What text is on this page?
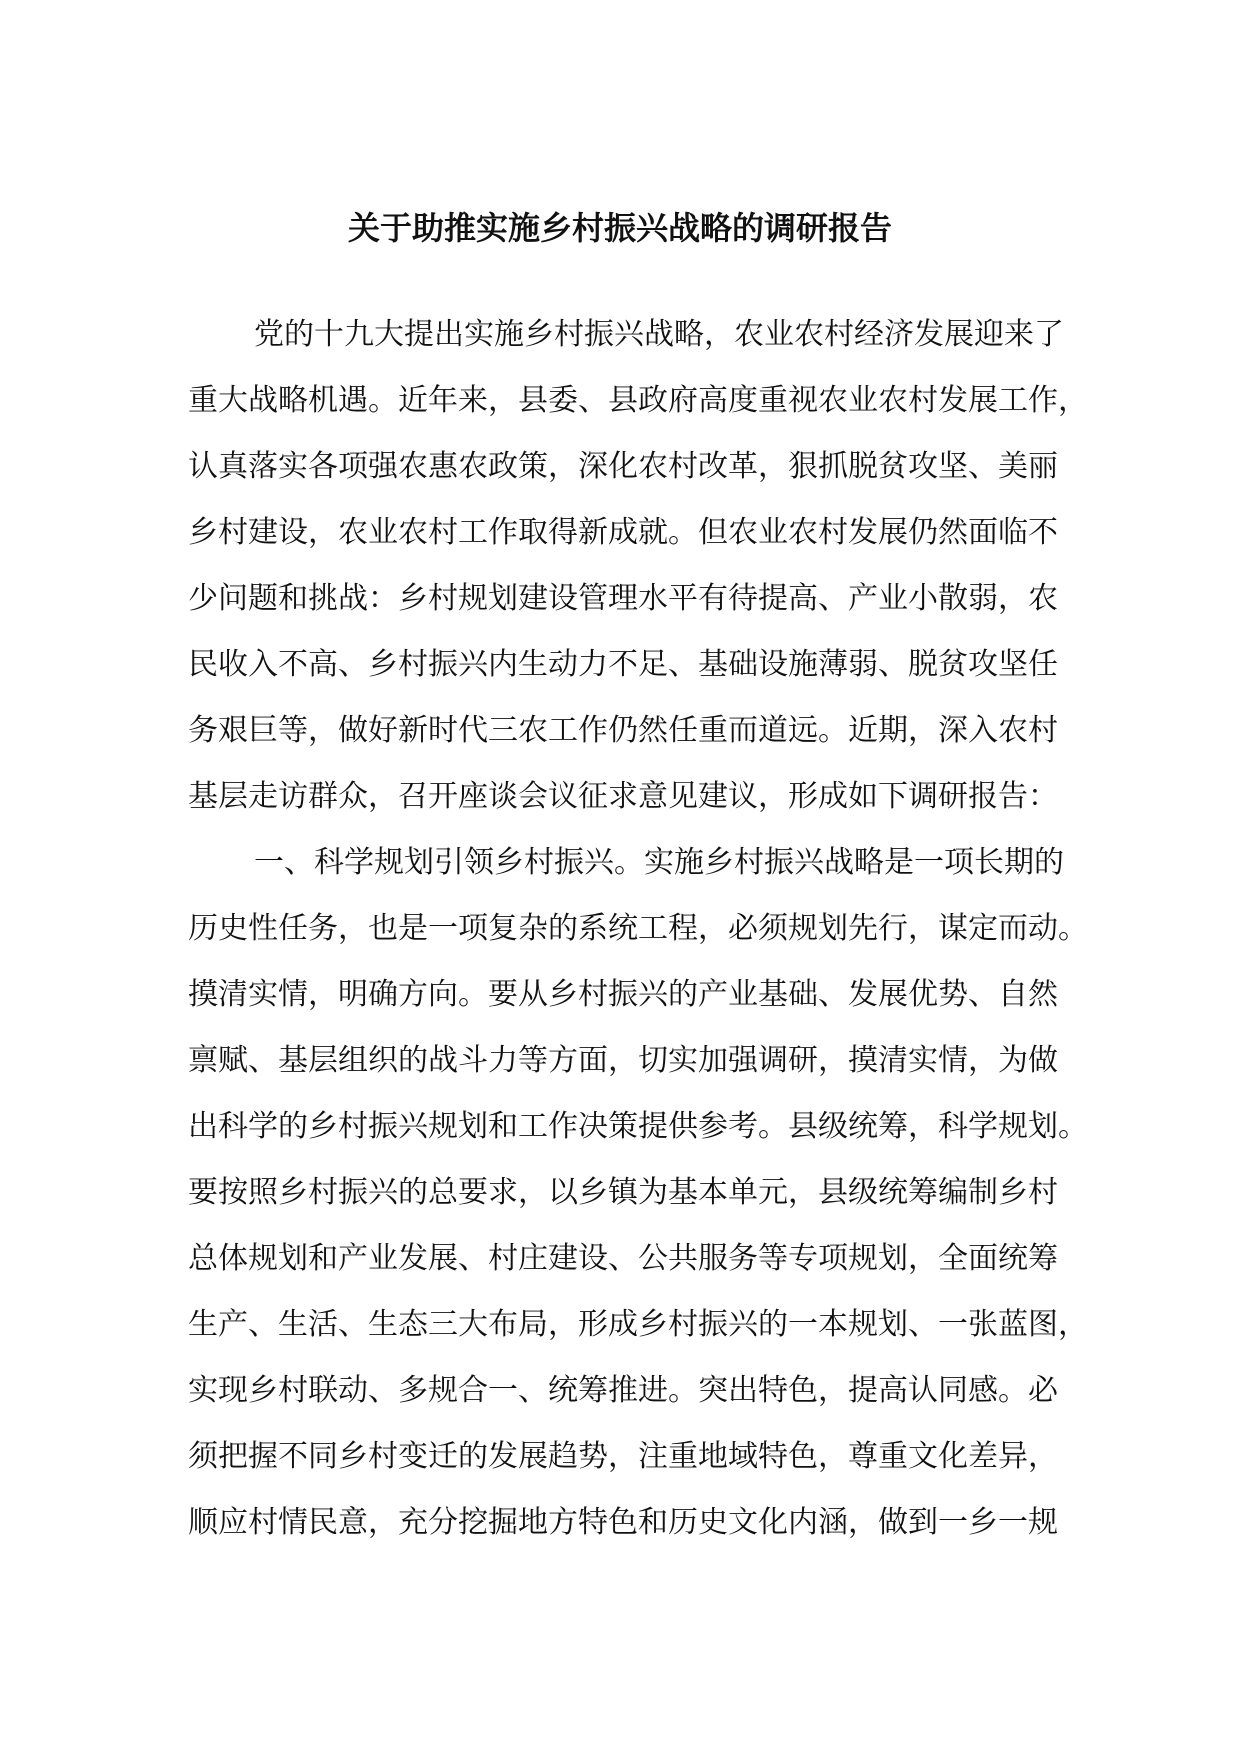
关于助推实施乡村振兴战略的调研报告

党的十九大提出实施乡村振兴战略，农业农村经济发展迎来了

重大战略机遇。近年来，县委、县政府高度重视农业农村发展工作，

认真落实各项强农惠农政策，深化农村改革，狠抓脱贫攻坚、美丽

乡村建设，农业农村工作取得新成就。但农业农村发展仍然面临不

少问题和挑战：乡村规划建设管理水平有待提高、产业小散弱，农

民收入不高、乡村振兴内生动力不足、基础设施薄弱、脱贫攻坚任

务艰巨等，做好新时代三农工作仍然任重而道远。近期，深入农村

基层走访群众，召开座谈会议征求意见建议，形成如下调研报告：

一、科学规划引领乡村振兴。实施乡村振兴战略是一项长期的

历史性任务，也是一项复杂的系统工程，必须规划先行，谋定而动。

摸清实情，明确方向。要从乡村振兴的产业基础、发展优势、自然

禀赋、基层组织的战斗力等方面，切实加强调研，摸清实情，为做

出科学的乡村振兴规划和工作决策提供参考。县级统筹，科学规划。

要按照乡村振兴的总要求，以乡镇为基本单元，县级统筹编制乡村

总体规划和产业发展、村庄建设、公共服务等专项规划，全面统筹

生产、生活、生态三大布局，形成乡村振兴的一本规划、一张蓝图，

实现乡村联动、多规合一、统筹推进。突出特色，提高认同感。必

须把握不同乡村变迁的发展趋势，注重地域特色，尊重文化差异，

顺应村情民意，充分挖掘地方特色和历史文化内涵，做到一乡一规
